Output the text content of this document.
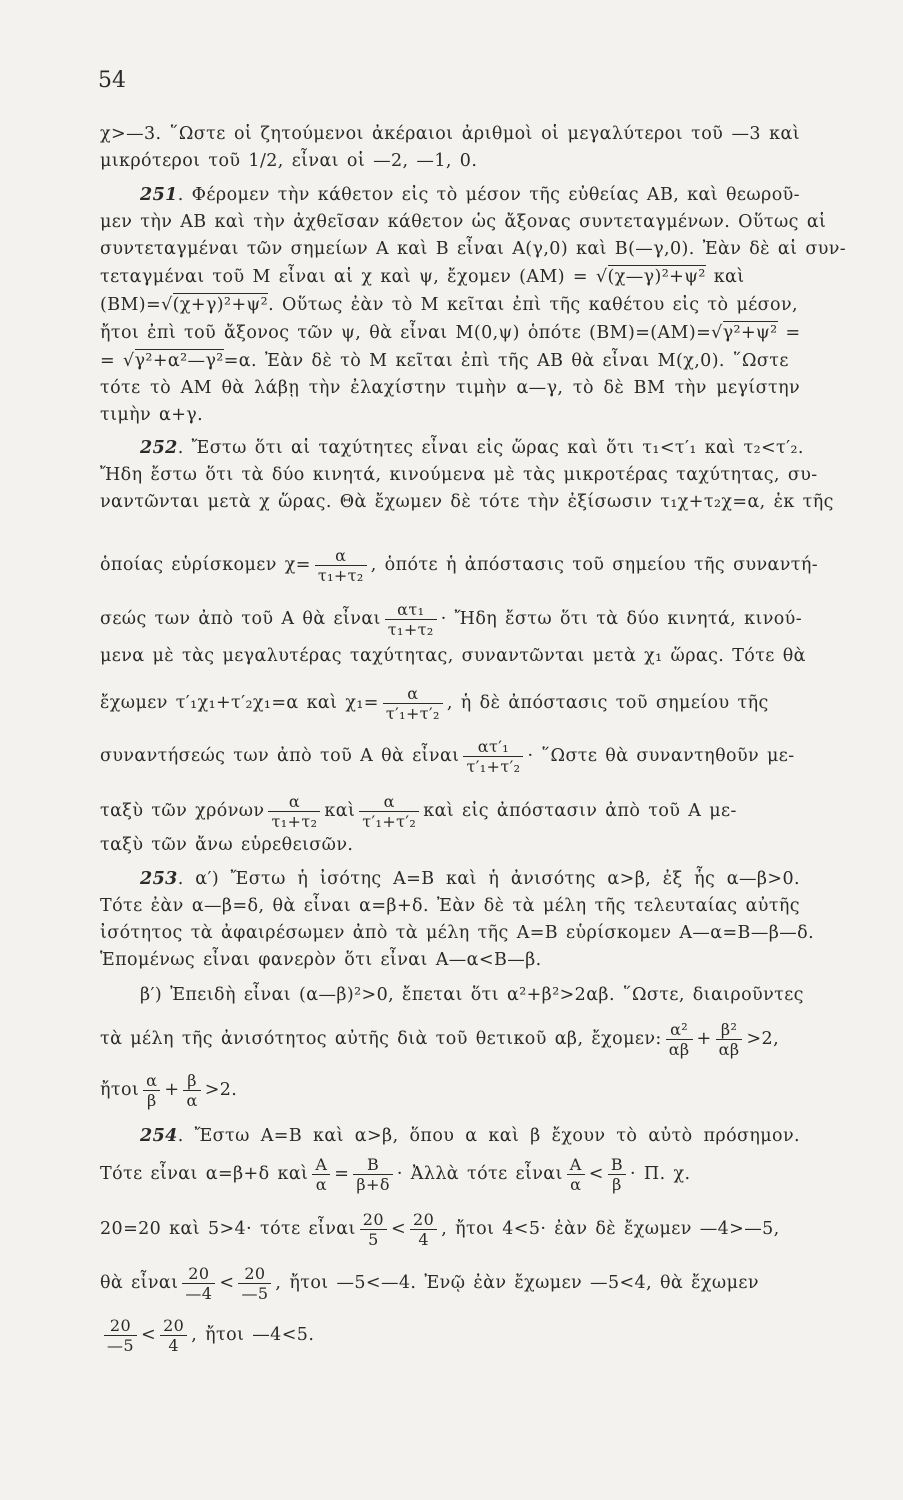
54
χ>—3. ῞Ωστε οἱ ζητούμενοι ἀκέραιοι ἀριθμοὶ οἱ μεγαλύτεροι τοῦ —3 καὶ
μικρότεροι τοῦ 1/2, εἶναι οἱ —2, —1, 0.
251. Φέρομεν τὴν κάθετον εἰς τὸ μέσον τῆς εὐθείας ΑΒ, καὶ θεωροῦ-
μεν τὴν ΑΒ καὶ τὴν ἀχθεῖσαν κάθετον ὡς ἄξονας συντεταγμένων. Οὕτως αἱ
συντεταγμέναι τῶν σημείων Α καὶ Β εἶναι Α(γ,0) καὶ Β(—γ,0). Ἐὰν δὲ αἱ συν-
τεταγμέναι τοῦ Μ εἶναι αἱ χ καὶ ψ, ἔχομεν (ΑΜ) = √(χ—γ)²+ψ² καὶ
(ΒΜ)=√(χ+γ)²+ψ². Οὕτως ἐὰν τὸ Μ κεῖται ἐπὶ τῆς καθέτου εἰς τὸ μέσον,
ἤτοι ἐπὶ τοῦ ἄξονος τῶν ψ, θὰ εἶναι Μ(0,ψ) ὁπότε (ΒΜ)=(ΑΜ)=√γ²+ψ² =
= √γ²+α²—γ²=α. Ἐὰν δὲ τὸ Μ κεῖται ἐπὶ τῆς ΑΒ θὰ εἶναι Μ(χ,0). ῞Ωστε
τότε τὸ ΑΜ θὰ λάβῃ τὴν ἐλαχίστην τιμὴν α—γ, τὸ δὲ ΒΜ τὴν μεγίστην
τιμὴν α+γ.
252. Ἔστω ὅτι αἱ ταχύτητες εἶναι εἰς ὥρας καὶ ὅτι τ₁<τ′₁ καὶ τ₂<τ′₂.
Ἤδη ἔστω ὅτι τὰ δύο κινητά, κινούμενα μὲ τὰς μικροτέρας ταχύτητας, συ-
ναντῶνται μετὰ χ ὥρας. Θὰ ἔχωμεν δὲ τότε τὴν ἐξίσωσιν τ₁χ+τ₂χ=α, ἐκ τῆς
ὁποίας εὑρίσκομεν $\chi= \frac{\alpha}{\text{τ₁+τ₂}}$ , ὁπότε ἡ ἀπόστασις τοῦ σημείου τῆς συναντή-
σεώς των ἀπὸ τοῦ Α θὰ εἶναι $\frac{\text{ατ₁}}{\text{τ₁+τ₂}}$ · Ἤδη ἔστω ὅτι τὰ δύο κινητά, κινού-
μενα μὲ τὰς μεγαλυτέρας ταχύτητας, συναντῶνται μετὰ χ₁ ὥρας. Τότε θὰ
ἔχωμεν τ′₁χ₁+τ′₂χ₁=α καὶ $\chi_1= \frac{\alpha}{\text{τ′₁+τ′₂}}$ , ἡ δὲ ἀπόστασις τοῦ σημείου τῆς
συναντήσεώς των ἀπὸ τοῦ Α θὰ εἶναι $\frac{\text{ατ′₁}}{\text{τ′₁+τ′₂}}$ · ῞Ωστε θὰ συναντηθοῦν με-
ταξὺ τῶν χρόνων $\frac{\alpha}{\text{τ₁+τ₂}}$ καὶ $\frac{\alpha}{\text{τ′₁+τ′₂}}$ καὶ εἰς ἀπόστασιν ἀπὸ τοῦ Α με-
ταξὺ τῶν ἄνω εὑρεθεισῶν.
253. α′) Ἔστω ἡ ἰσότης Α=Β καὶ ἡ ἀνισότης α>β, ἐξ ἧς α—β>0.
Τότε ἐὰν α—β=δ, θὰ εἶναι α=β+δ. Ἐὰν δὲ τὰ μέλη τῆς τελευταίας αὐτῆς
ἰσότητος τὰ ἀφαιρέσωμεν ἀπὸ τὰ μέλη τῆς Α=Β εὑρίσκομεν Α—α=Β—β—δ.
Ἑπομένως εἶναι φανερὸν ὅτι εἶναι Α—α<Β—β.
β′) Ἐπειδὴ εἶναι (α—β)²>0, ἔπεται ὅτι α²+β²>2αβ. ῞Ωστε, διαιροῦντες
τὰ μέλη τῆς ἀνισότητος αὐτῆς διὰ τοῦ θετικοῦ αβ, ἔχομεν: $\frac{\text{α²}}{\alpha\beta} + \frac{\text{β²}}{\alpha\beta} >2$,
ἤτοι $\frac{\alpha}{\beta} + \frac{\beta}{\alpha} >2$.
254. Ἔστω Α=Β καὶ α>β, ὅπου α καὶ β ἔχουν τὸ αὐτὸ πρόσημον.
Τότε εἶναι α=β+δ καὶ $\frac{A}{\alpha} = \frac{B}{\beta+\delta}$ · Ἀλλὰ τότε εἶναι $\frac{A}{\alpha} < \frac{B}{\beta} \cdot \Pi$. χ.
20=20 καὶ 5>4· τότε εἶναι $\frac{20}{5} < \frac{20}{4}$ , ἤτοι 4<5· ἐὰν δὲ ἔχωμεν —4>—5,
θὰ εἶναι $\frac{20}{—4} < \frac{20}{—5}$ , ἤτοι —5<—4. Ἐνῷ ἐὰν ἔχωμεν —5<4, θὰ ἔχωμεν
$\frac{20}{—5} < \frac{20}{4}$ , ἤτοι —4<5.
